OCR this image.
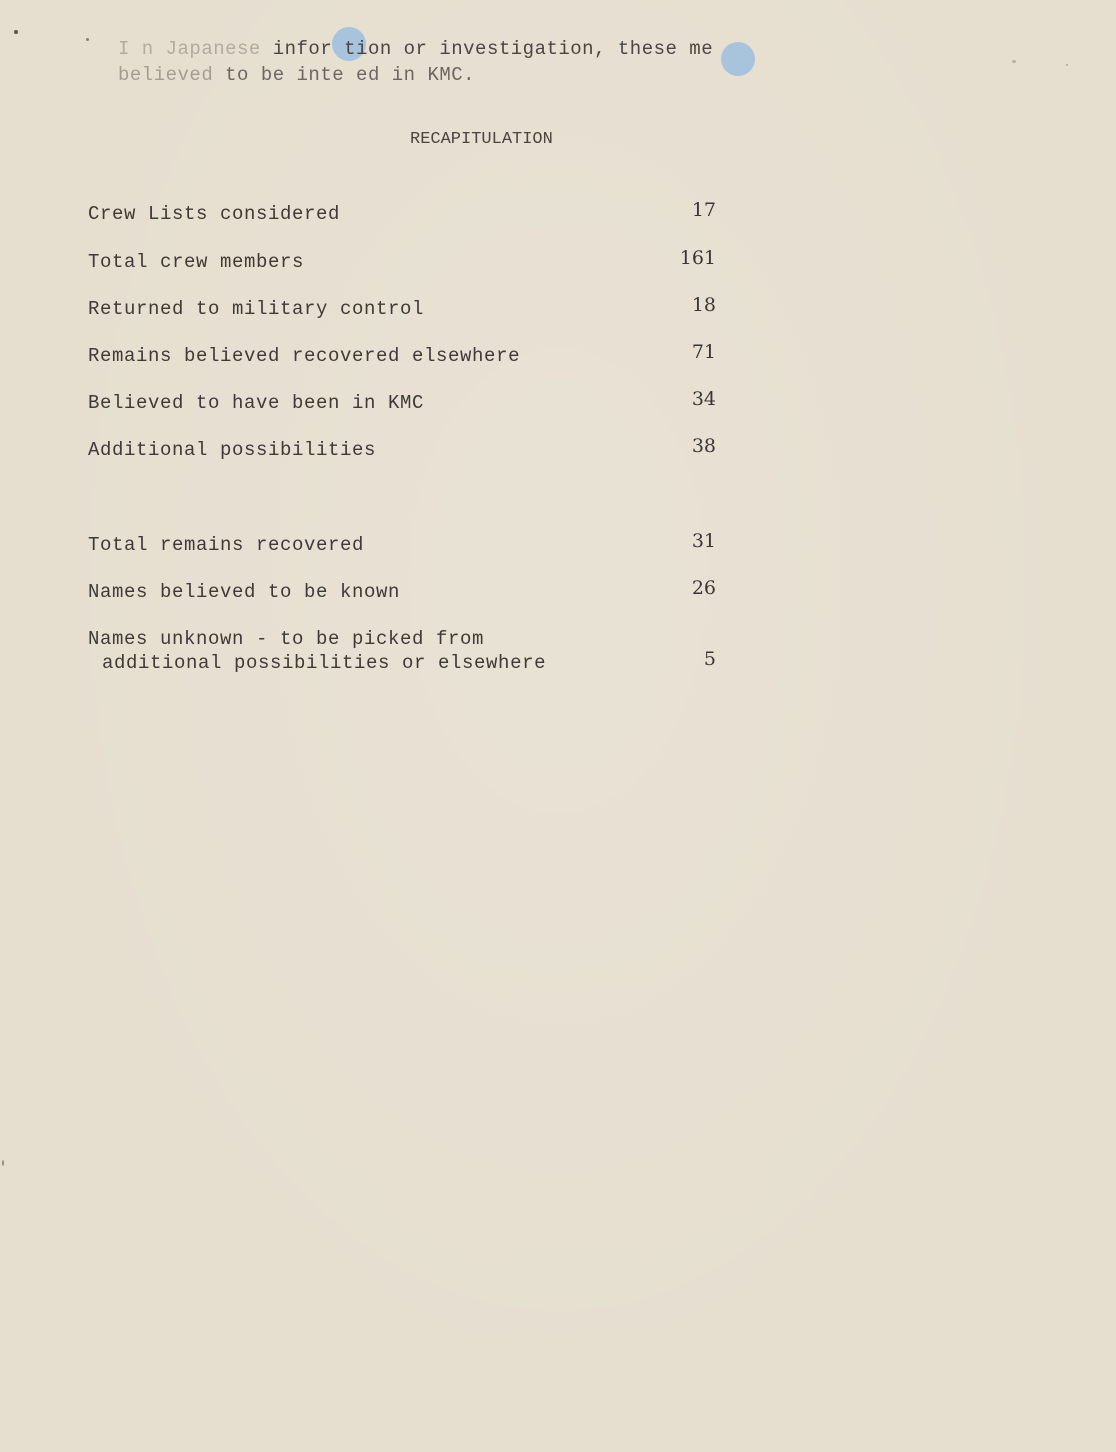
I n Japanese infor tion or investigation, these me
believed to be inte ed in KMC.
RECAPITULATION
Crew Lists considered	17
Total crew members	161
Returned to military control	18
Remains believed recovered elsewhere	71
Believed to have been in KMC	34
Additional possibilities	38
Total remains recovered	31
Names believed to be known	26
Names unknown - to be picked from
additional possibilities or elsewhere	5
